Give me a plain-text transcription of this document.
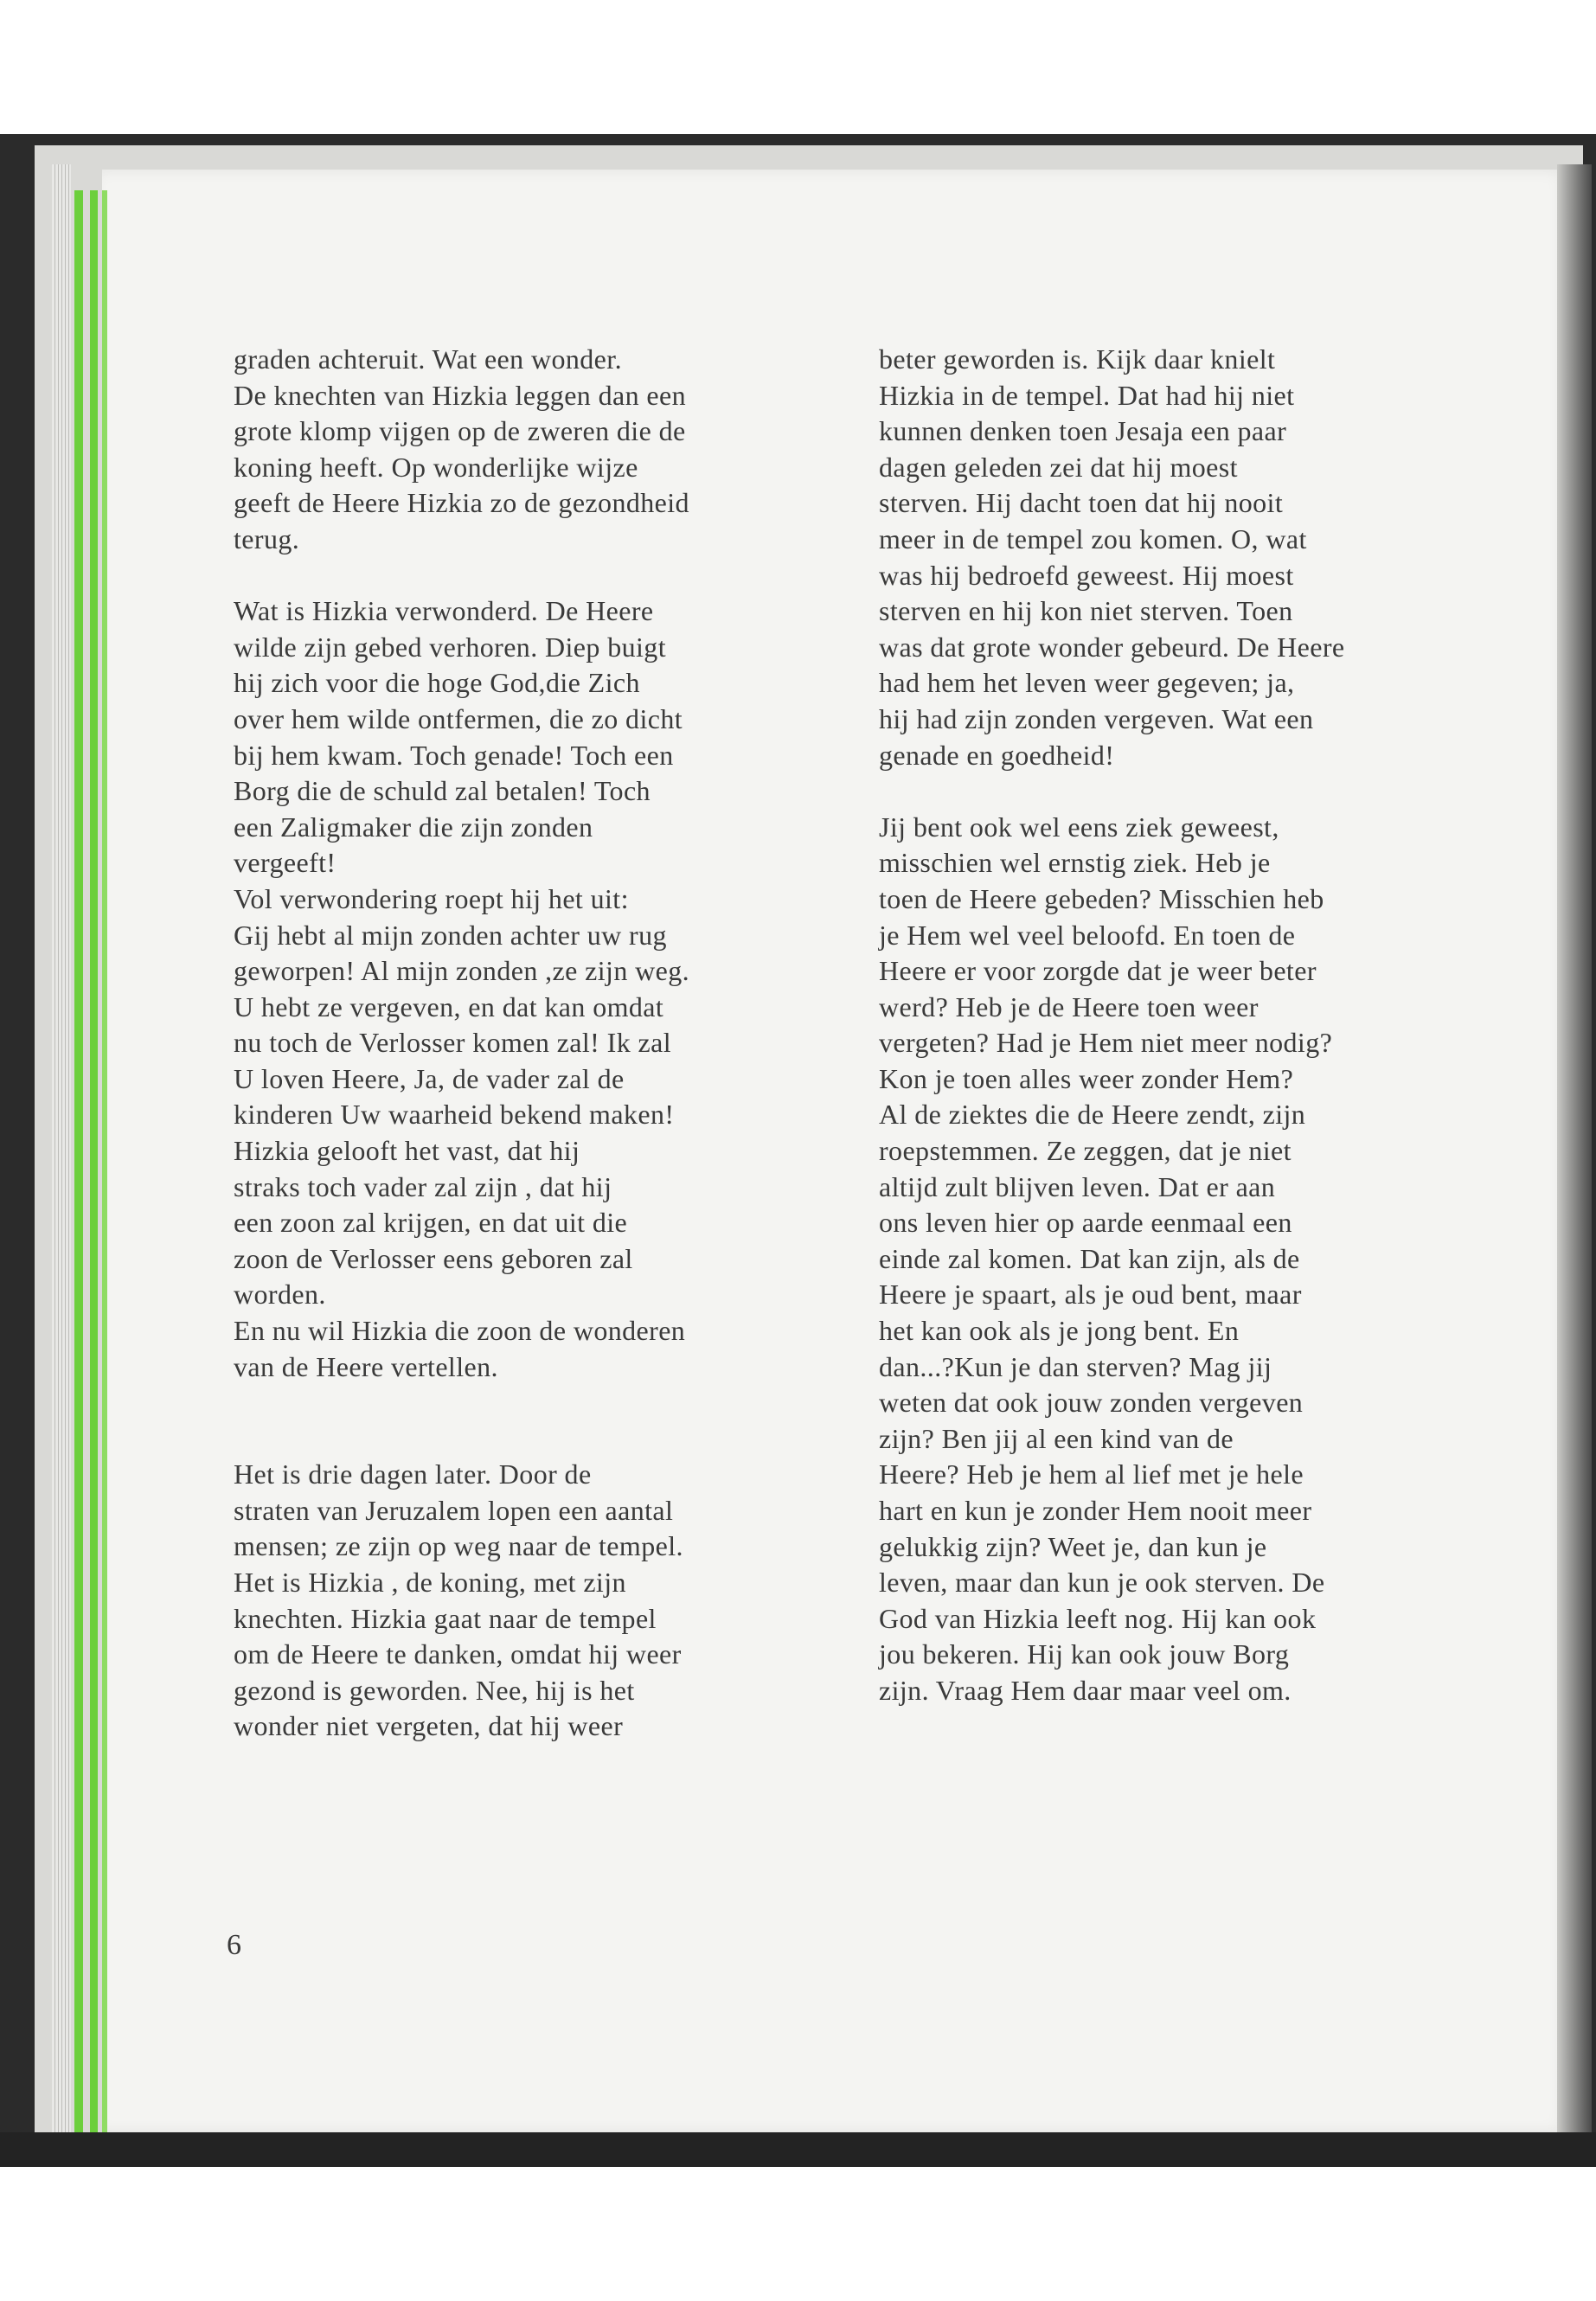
graden achteruit. Wat een wonder.
De knechten van Hizkia leggen dan een
grote klomp vijgen op de zweren die de
koning heeft. Op wonderlijke wijze
geeft de Heere Hizkia zo de gezondheid
terug.
Wat is Hizkia verwonderd. De Heere
wilde zijn gebed verhoren. Diep buigt
hij zich voor die hoge God,die Zich
over hem wilde ontfermen, die zo dicht
bij hem kwam. Toch genade! Toch een
Borg die de schuld zal betalen! Toch
een Zaligmaker die zijn zonden
vergeeft!
Vol verwondering roept hij het uit:
Gij hebt al mijn zonden achter uw rug
geworpen! Al mijn zonden ,ze zijn weg.
U hebt ze vergeven, en dat kan omdat
nu toch de Verlosser komen zal! Ik zal
U loven Heere, Ja, de vader zal de
kinderen Uw waarheid bekend maken!
Hizkia gelooft het vast, dat hij
straks toch vader zal zijn , dat hij
een zoon zal krijgen, en dat uit die
zoon de Verlosser eens geboren zal
worden.
En nu wil Hizkia die zoon de wonderen
van de Heere vertellen.
Het is drie dagen later. Door de
straten van Jeruzalem lopen een aantal
mensen; ze zijn op weg naar de tempel.
Het is Hizkia , de koning, met zijn
knechten. Hizkia gaat naar de tempel
om de Heere te danken, omdat hij weer
gezond is geworden. Nee, hij is het
wonder niet vergeten, dat hij weer
beter geworden is. Kijk daar knielt
Hizkia in de tempel. Dat had hij niet
kunnen denken toen Jesaja een paar
dagen geleden zei dat hij moest
sterven. Hij dacht toen dat hij nooit
meer in de tempel zou komen. O, wat
was hij bedroefd geweest. Hij moest
sterven en hij kon niet sterven. Toen
was dat grote wonder gebeurd. De Heere
had hem het leven weer gegeven; ja,
hij had zijn zonden vergeven. Wat een
genade en goedheid!
Jij bent ook wel eens ziek geweest,
misschien wel ernstig ziek. Heb je
toen de Heere gebeden? Misschien heb
je Hem wel veel beloofd. En toen de
Heere er voor zorgde dat je weer beter
werd? Heb je de Heere toen weer
vergeten? Had je Hem niet meer nodig?
Kon je toen alles weer zonder Hem?
Al de ziektes die de Heere zendt, zijn
roepstemmen. Ze zeggen, dat je niet
altijd zult blijven leven. Dat er aan
ons leven hier op aarde eenmaal een
einde zal komen. Dat kan zijn, als de
Heere je spaart, als je oud bent, maar
het kan ook als je jong bent. En
dan...?Kun je dan sterven? Mag jij
weten dat ook jouw zonden vergeven
zijn? Ben jij al een kind van de
Heere? Heb je hem al lief met je hele
hart en kun je zonder Hem nooit meer
gelukkig zijn? Weet je, dan kun je
leven, maar dan kun je ook sterven. De
God van Hizkia leeft nog. Hij kan ook
jou bekeren. Hij kan ook jouw Borg
zijn. Vraag Hem daar maar veel om.
6
